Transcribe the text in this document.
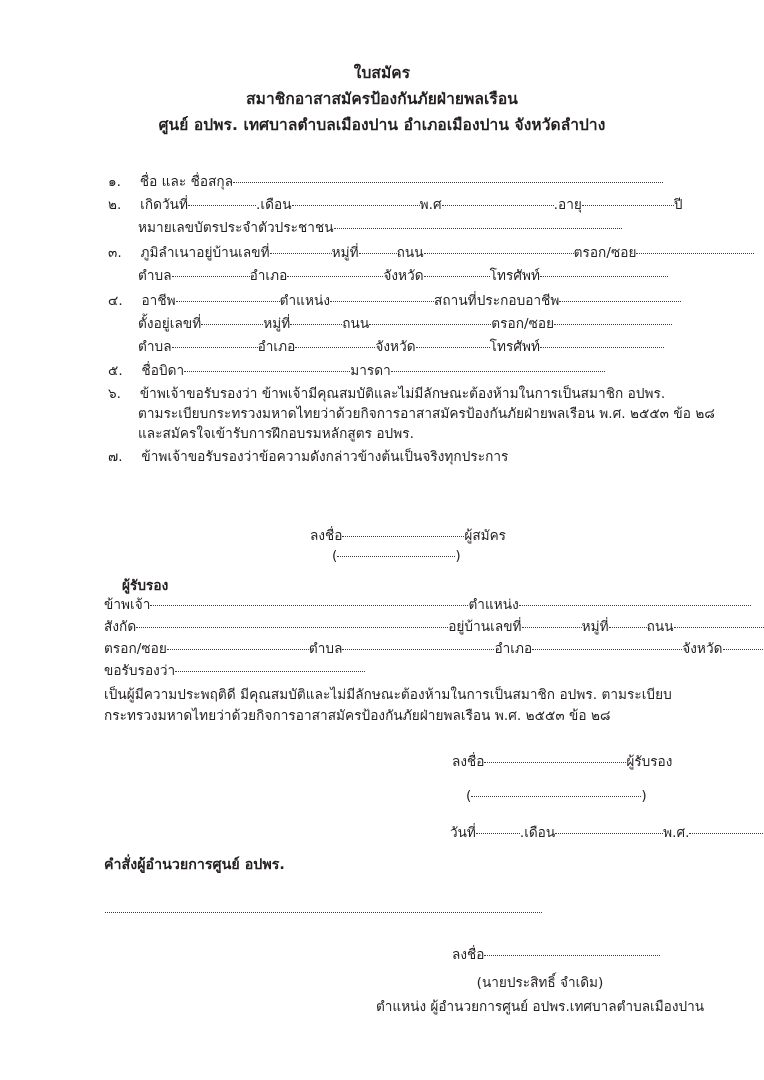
ใบสมัคร
สมาชิกอาสาสมัครป้องกันภัยฝ่ายพลเรือน
ศูนย์ อปพร. เทศบาลตำบลเมืองปาน อำเภอเมืองปาน จังหวัดลำปาง
๑. ชื่อ และ ชื่อสกุล
๒. เกิดวันที่	.เดือน	พ.ศ	.อายุ	ปี
หมายเลขบัตรประจำตัวประชาชน
๓. ภูมิลำเนาอยู่บ้านเลขที่	หมู่ที่	ถนน	ตรอก/ซอย
ตำบล	อำเภอ	จังหวัด	โทรศัพท์
๔. อาชีพ	ตำแหน่ง	สถานที่ประกอบอาชีพ
ตั้งอยู่เลขที่	หมู่ที่	ถนน	ตรอก/ซอย
ตำบล	อำเภอ	จังหวัด	โทรศัพท์
๕. ชื่อบิดา	มารดา
๖. ข้าพเจ้าขอรับรองว่า ข้าพเจ้ามีคุณสมบัติและไม่มีลักษณะต้องห้ามในการเป็นสมาชิก อปพร.
ตามระเบียบกระทรวงมหาดไทยว่าด้วยกิจการอาสาสมัครป้องกันภัยฝ่ายพลเรือน พ.ศ. ๒๕๕๓ ข้อ ๒๘
และสมัครใจเข้ารับการฝึกอบรมหลักสูตร อปพร.
๗. ข้าพเจ้าขอรับรองว่าข้อความดังกล่าวข้างต้นเป็นจริงทุกประการ
ลงชื่อ	ผู้สมัคร
(	)
ผู้รับรอง
ข้าพเจ้า	ตำแหน่ง
สังกัด	อยู่บ้านเลขที่	หมู่ที่	ถนน
ตรอก/ซอย	ตำบล	อำเภอ	จังหวัด
ขอรับรองว่า
เป็นผู้มีความประพฤติดี มีคุณสมบัติและไม่มีลักษณะต้องห้ามในการเป็นสมาชิก อปพร. ตามระเบียบ
กระทรวงมหาดไทยว่าด้วยกิจการอาสาสมัครป้องกันภัยฝ่ายพลเรือน พ.ศ. ๒๕๕๓ ข้อ ๒๘
ลงชื่อ	ผู้รับรอง
(	)
วันที่	.เดือน	พ.ศ.
คำสั่งผู้อำนวยการศูนย์ อปพร.
ลงชื่อ
(นายประสิทธิ์ จำเดิม)
ตำแหน่ง ผู้อำนวยการศูนย์ อปพร.เทศบาลตำบลเมืองปาน
